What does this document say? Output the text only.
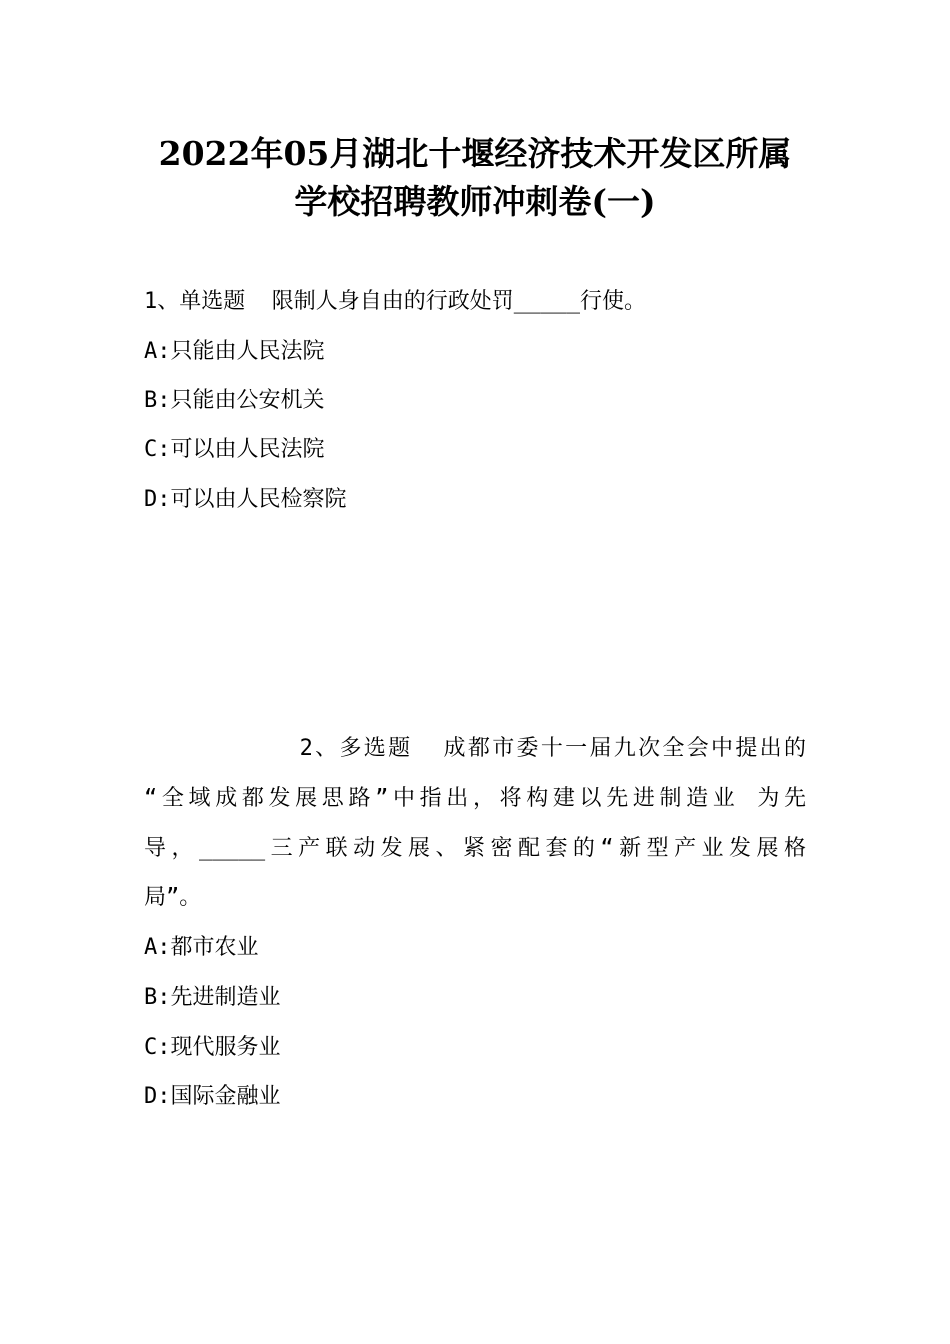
2022年05月湖北十堰经济技术开发区所属
学校招聘教师冲刺卷(一)
1、单选题  限制人身自由的行政处罚_____行使。
A:只能由人民法院
B:只能由公安机关
C:可以由人民法院
D:可以由人民检察院
2、多选题  成都市委十一届九次全会中提出的
“全域成都发展思路”中指出，将构建以先进制造业 为先
导，_____三产联动发展、紧密配套的“新型产业发展格
局”。
A:都市农业
B:先进制造业
C:现代服务业
D:国际金融业
